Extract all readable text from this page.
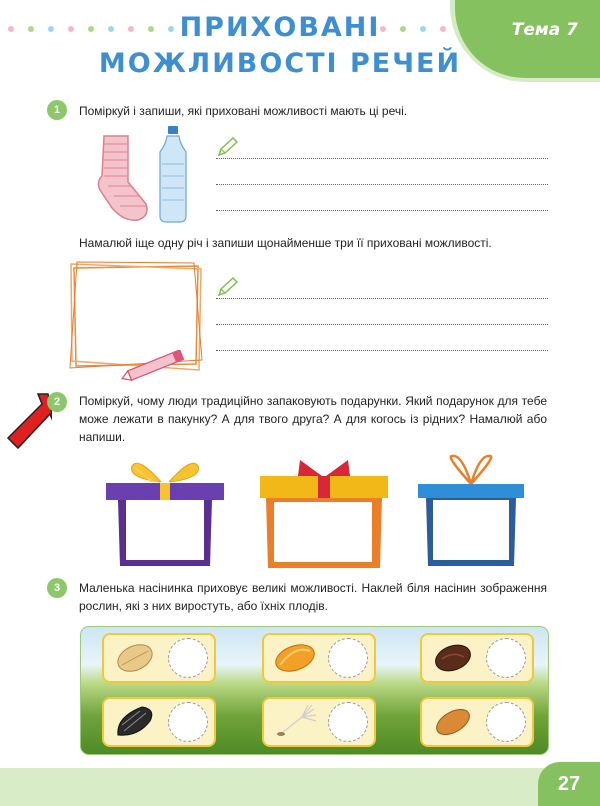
Тема 7
ПРИХОВАНІ
МОЖЛИВОСТІ РЕЧЕЙ
1	Поміркуй і запиши, які приховані можливості мають ці речі.
Намалюй іще одну річ і запиши щонайменше три її приховані можливості.
2	Поміркуй, чому люди традиційно запаковують подарунки. Який подарунок для тебе може лежати в пакунку? А для твого друга? А для когось із рідних? Намалюй або напиши.
3	Маленька насінинка приховує великі можливості. Наклей біля насінин зображення рослин, які з них виростуть, або їхніх плодів.
27
